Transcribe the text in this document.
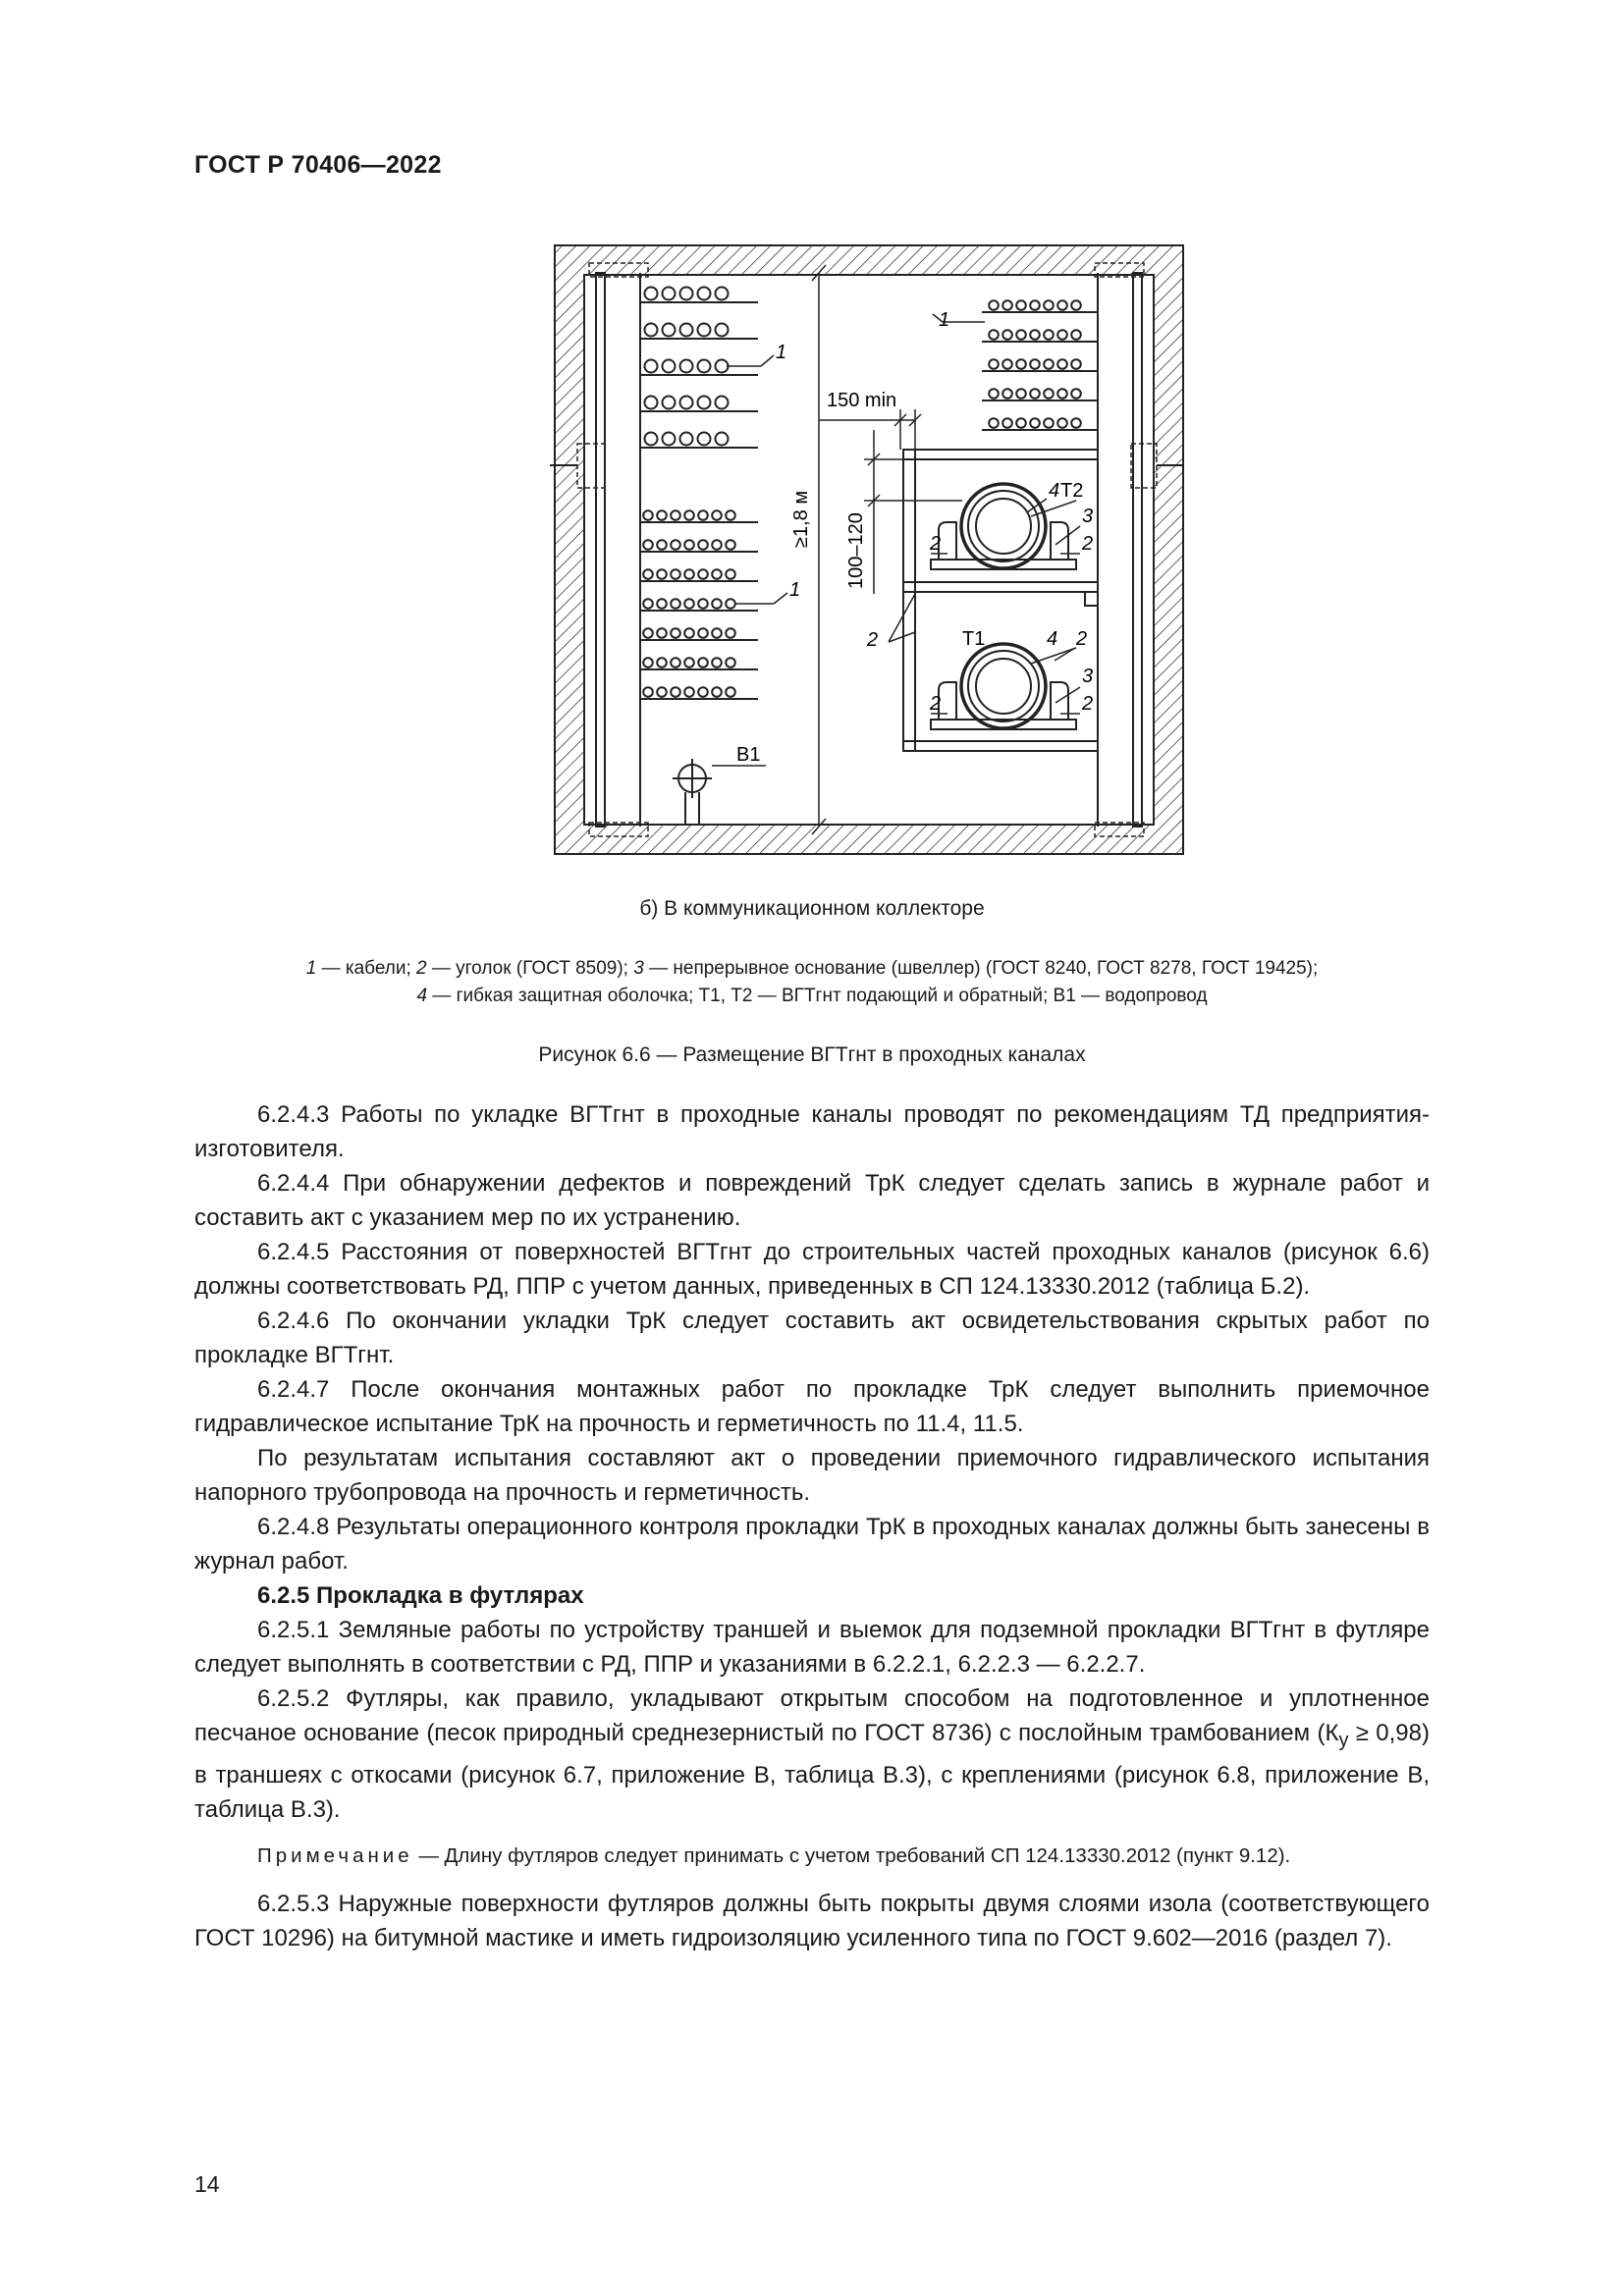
ГОСТ Р 70406—2022
1
1
1
2
2	2
2	2
2
3
3
4
4
Т2
Т1
В1
150 min
≥1,8 м 100–120
б) В коммуникационном коллекторе
1 — кабели; 2 — уголок (ГОСТ 8509); 3 — непрерывное основание (швеллер) (ГОСТ 8240, ГОСТ 8278, ГОСТ 19425);
4 — гибкая защитная оболочка; Т1, Т2 — ВГТгнт подающий и обратный; В1 — водопровод
Рисунок 6.6 — Размещение ВГТгнт в проходных каналах

6.2.4.3 Работы по укладке ВГТгнт в проходные каналы проводят по рекомендациям ТД предприятия-изготовителя.

6.2.4.4 При обнаружении дефектов и повреждений ТрК следует сделать запись в журнале работ и составить акт с указанием мер по их устранению.

6.2.4.5 Расстояния от поверхностей ВГТгнт до строительных частей проходных каналов (рисунок 6.6) должны соответствовать РД, ППР с учетом данных, приведенных в СП 124.13330.2012 (таблица Б.2).

6.2.4.6 По окончании укладки ТрК следует составить акт освидетельствования скрытых работ по прокладке ВГТгнт.

6.2.4.7 После окончания монтажных работ по прокладке ТрК следует выполнить приемочное гидравлическое испытание ТрК на прочность и герметичность по 11.4, 11.5.

По результатам испытания составляют акт о проведении приемочного гидравлического испытания напорного трубопровода на прочность и герметичность.

6.2.4.8 Результаты операционного контроля прокладки ТрК в проходных каналах должны быть занесены в журнал работ.

6.2.5 Прокладка в футлярах

6.2.5.1 Земляные работы по устройству траншей и выемок для подземной прокладки ВГТгнт в футляре следует выполнять в соответствии с РД, ППР и указаниями в 6.2.2.1, 6.2.2.3 — 6.2.2.7.

6.2.5.2 Футляры, как правило, укладывают открытым способом на подготовленное и уплотненное песчаное основание (песок природный среднезернистый по ГОСТ 8736) с послойным трамбованием $(К_у \ge 0,98)$ в траншеях с откосами (рисунок 6.7, приложение В, таблица В.3), с креплениями (рисунок 6.8, приложение В, таблица В.3).

Примечание — Длину футляров следует принимать с учетом требований СП 124.13330.2012 (пункт 9.12).

6.2.5.3 Наружные поверхности футляров должны быть покрыты двумя слоями изола (соответствующего ГОСТ 10296) на битумной мастике и иметь гидроизоляцию усиленного типа по ГОСТ 9.602—2016 (раздел 7).

14
